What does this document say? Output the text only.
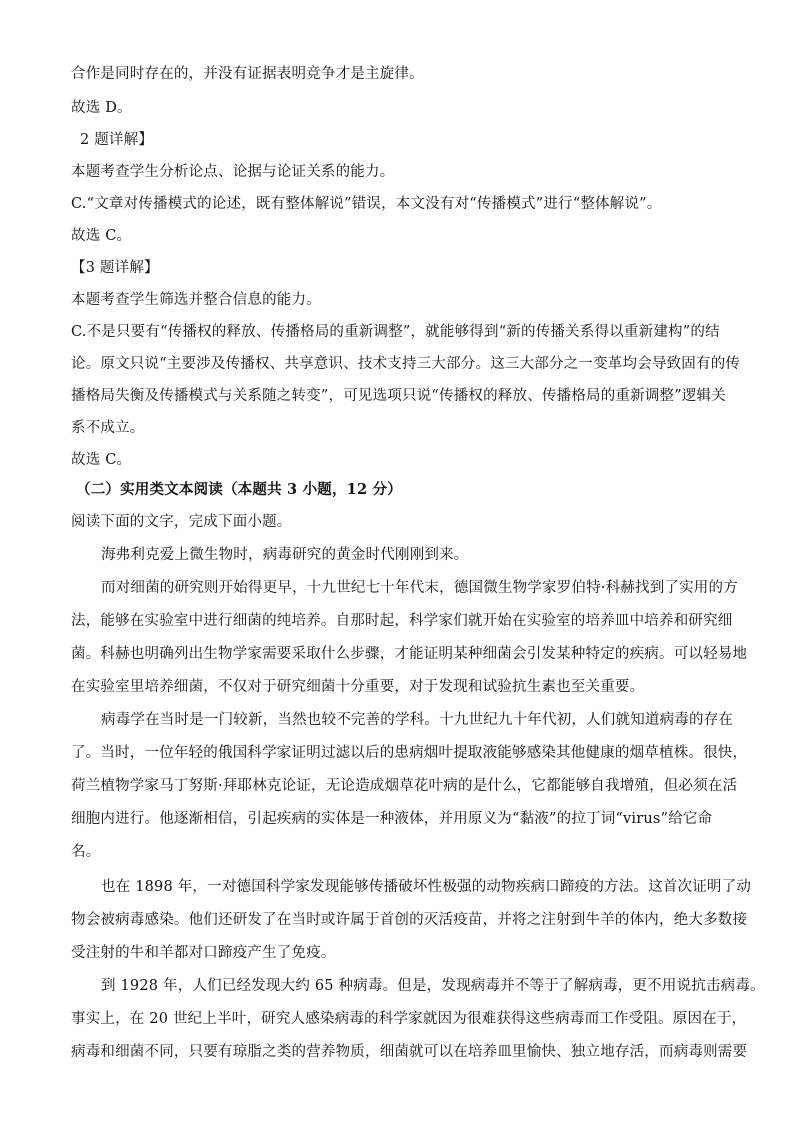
合作是同时存在的，并没有证据表明竞争才是主旋律。
故选 D。
2 题详解】
本题考查学生分析论点、论据与论证关系的能力。
C.“文章对传播模式的论述，既有整体解说”错误，本文没有对“传播模式”进行“整体解说”。
故选 C。
【3 题详解】
本题考查学生筛选并整合信息的能力。
C.不是只要有“传播权的释放、传播格局的重新调整”，就能够得到“新的传播关系得以重新建构”的结
论。原文只说“主要涉及传播权、共享意识、技术支持三大部分。这三大部分之一变革均会导致固有的传
播格局失衡及传播模式与关系随之转变”，可见选项只说“传播权的释放、传播格局的重新调整”逻辑关
系不成立。
故选 C。
（二）实用类文本阅读（本题共 3 小题，12 分）
阅读下面的文字，完成下面小题。
海弗利克爱上微生物时，病毒研究的黄金时代刚刚到来。
而对细菌的研究则开始得更早，十九世纪七十年代末，德国微生物学家罗伯特·科赫找到了实用的方
法，能够在实验室中进行细菌的纯培养。自那时起，科学家们就开始在实验室的培养皿中培养和研究细
菌。科赫也明确列出生物学家需要采取什么步骤，才能证明某种细菌会引发某种特定的疾病。可以轻易地
在实验室里培养细菌，不仅对于研究细菌十分重要，对于发现和试验抗生素也至关重要。
病毒学在当时是一门较新，当然也较不完善的学科。十九世纪九十年代初，人们就知道病毒的存在
了。当时，一位年轻的俄国科学家证明过滤以后的患病烟叶提取液能够感染其他健康的烟草植株。很快，
荷兰植物学家马丁努斯·拜耶林克论证，无论造成烟草花叶病的是什么，它都能够自我增殖，但必须在活
细胞内进行。他逐渐相信，引起疾病的实体是一种液体，并用原义为“黏液”的拉丁词“virus”给它命
名。
也在 1898 年，一对德国科学家发现能够传播破坏性极强的动物疾病口蹄疫的方法。这首次证明了动
物会被病毒感染。他们还研发了在当时或许属于首创的灭活疫苗，并将之注射到牛羊的体内，绝大多数接
受注射的牛和羊都对口蹄疫产生了免疫。
到 1928 年，人们已经发现大约 65 种病毒。但是，发现病毒并不等于了解病毒，更不用说抗击病毒。
事实上，在 20 世纪上半叶，研究人感染病毒的科学家就因为很难获得这些病毒而工作受阻。原因在于，
病毒和细菌不同，只要有琼脂之类的营养物质，细菌就可以在培养皿里愉快、独立地存活，而病毒则需要
